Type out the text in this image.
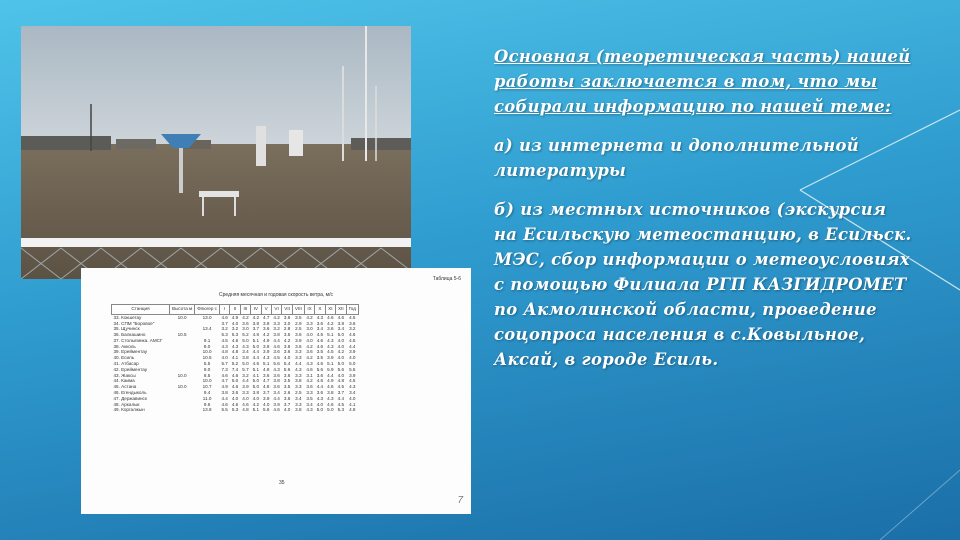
Таблица 5-6
Средняя месячная и годовая скорость ветра, м/с
Станция	Высота м	Флюгер с	I	II	III	IV	V	VI	VII	VIII	IX	X	XI	XII	Год
33. Кокшетау	10.0	13.0	4.6	4.9	4.2	4.2	4.7	4.2	3.6	3.5	4.2	4.3	4.6	4.6	4.5
34. СПМ "Боровое"			3.7	4.0	3.6	3.8	3.8	3.3	3.0	2.9	3.3	3.6	4.2	3.8	3.6
35. Щучинск		13.4	3.2	3.2	3.0	3.7	3.6	3.2	2.8	2.5	3.0	3.4	3.6	3.4	3.2
36. Балкашино	10.5		5.3	5.3	5.2	4.8	4.2	3.8	3.5	3.6	4.0	4.5	5.1	5.0	4.6
37. Столыпинка. АМСГ		9.1	4.5	4.6	5.0	5.1	4.9	4.4	4.2	3.9	4.0	4.6	4.3	4.0	4.5
38. Акколь		8.0	4.3	4.3	4.3	5.0	3.8	4.6	3.8	3.6	4.2	4.6	4.3	4.0	4.4
39. Ерейментау		10.0	4.8	4.8	3.4	4.4	3.9	3.6	3.6	3.3	3.6	3.5	4.5	4.2	3.9
40. Есиль		10.5	4.0	4.1	3.8	4.4	4.3	4.5	4.0	3.3	4.2	3.5	3.9	4.0	4.0
41. Атбасар		5.5	5.7	5.2	5.0	4.6	5.1	5.6	5.4	4.4	4.3	4.6	5.1	5.0	5.0
42. Ерейментау		9.0	7.3	7.4	5.7	5.1	4.8	4.3	5.6	4.3	4.6	5.6	5.9	5.6	5.5
43. Жаксы	10.0	8.5	4.6	4.6	3.2	4.1	3.6	3.6	3.6	3.3	3.1	3.6	4.4	4.0	3.9
44. Каима		10.0	4.7	5.0	4.4	5.0	4.7	3.8	3.5	3.8	4.2	4.6	4.9	4.8	4.5
45. Астана	10.0	10.7	4.9	4.6	3.9	5.0	4.8	3.6	3.5	3.3	3.6	4.4	4.6	4.5	4.3
46. Егендыколь		9.4	3.8	3.6	3.3	3.8	3.7	3.4	2.6	2.5	3.3	3.6	3.8	3.7	3.4
47. Державинск		11.0	4.4	4.0	4.0	4.0	3.9	4.4	3.6	3.4	3.5	4.3	4.3	4.4	4.0
48. Аркалык		9.6	4.6	4.6	4.6	4.2	4.0	3.9	3.7	3.3	3.4	4.0	4.6	4.5	4.1
49. Коргалжын		13.8	5.5	5.3	4.8	5.1	5.6	4.6	4.0	3.8	4.3	5.0	5.0	5.3	4.8
35
7

Основная (теоретическая часть) нашей работы заключается в том, что мы собирали информацию по нашей теме:

а) из интернета и дополнительной литературы

б) из местных источников (экскурсия на Есильскую метеостанцию, в Есильск. МЭС, сбор информации о метеоусловиях с помощью Филиала РГП КАЗГИДРОМЕТ по Акмолинской области, проведение соцопроса населения в с.Ковыльное, Аксай, в городе Есиль.
